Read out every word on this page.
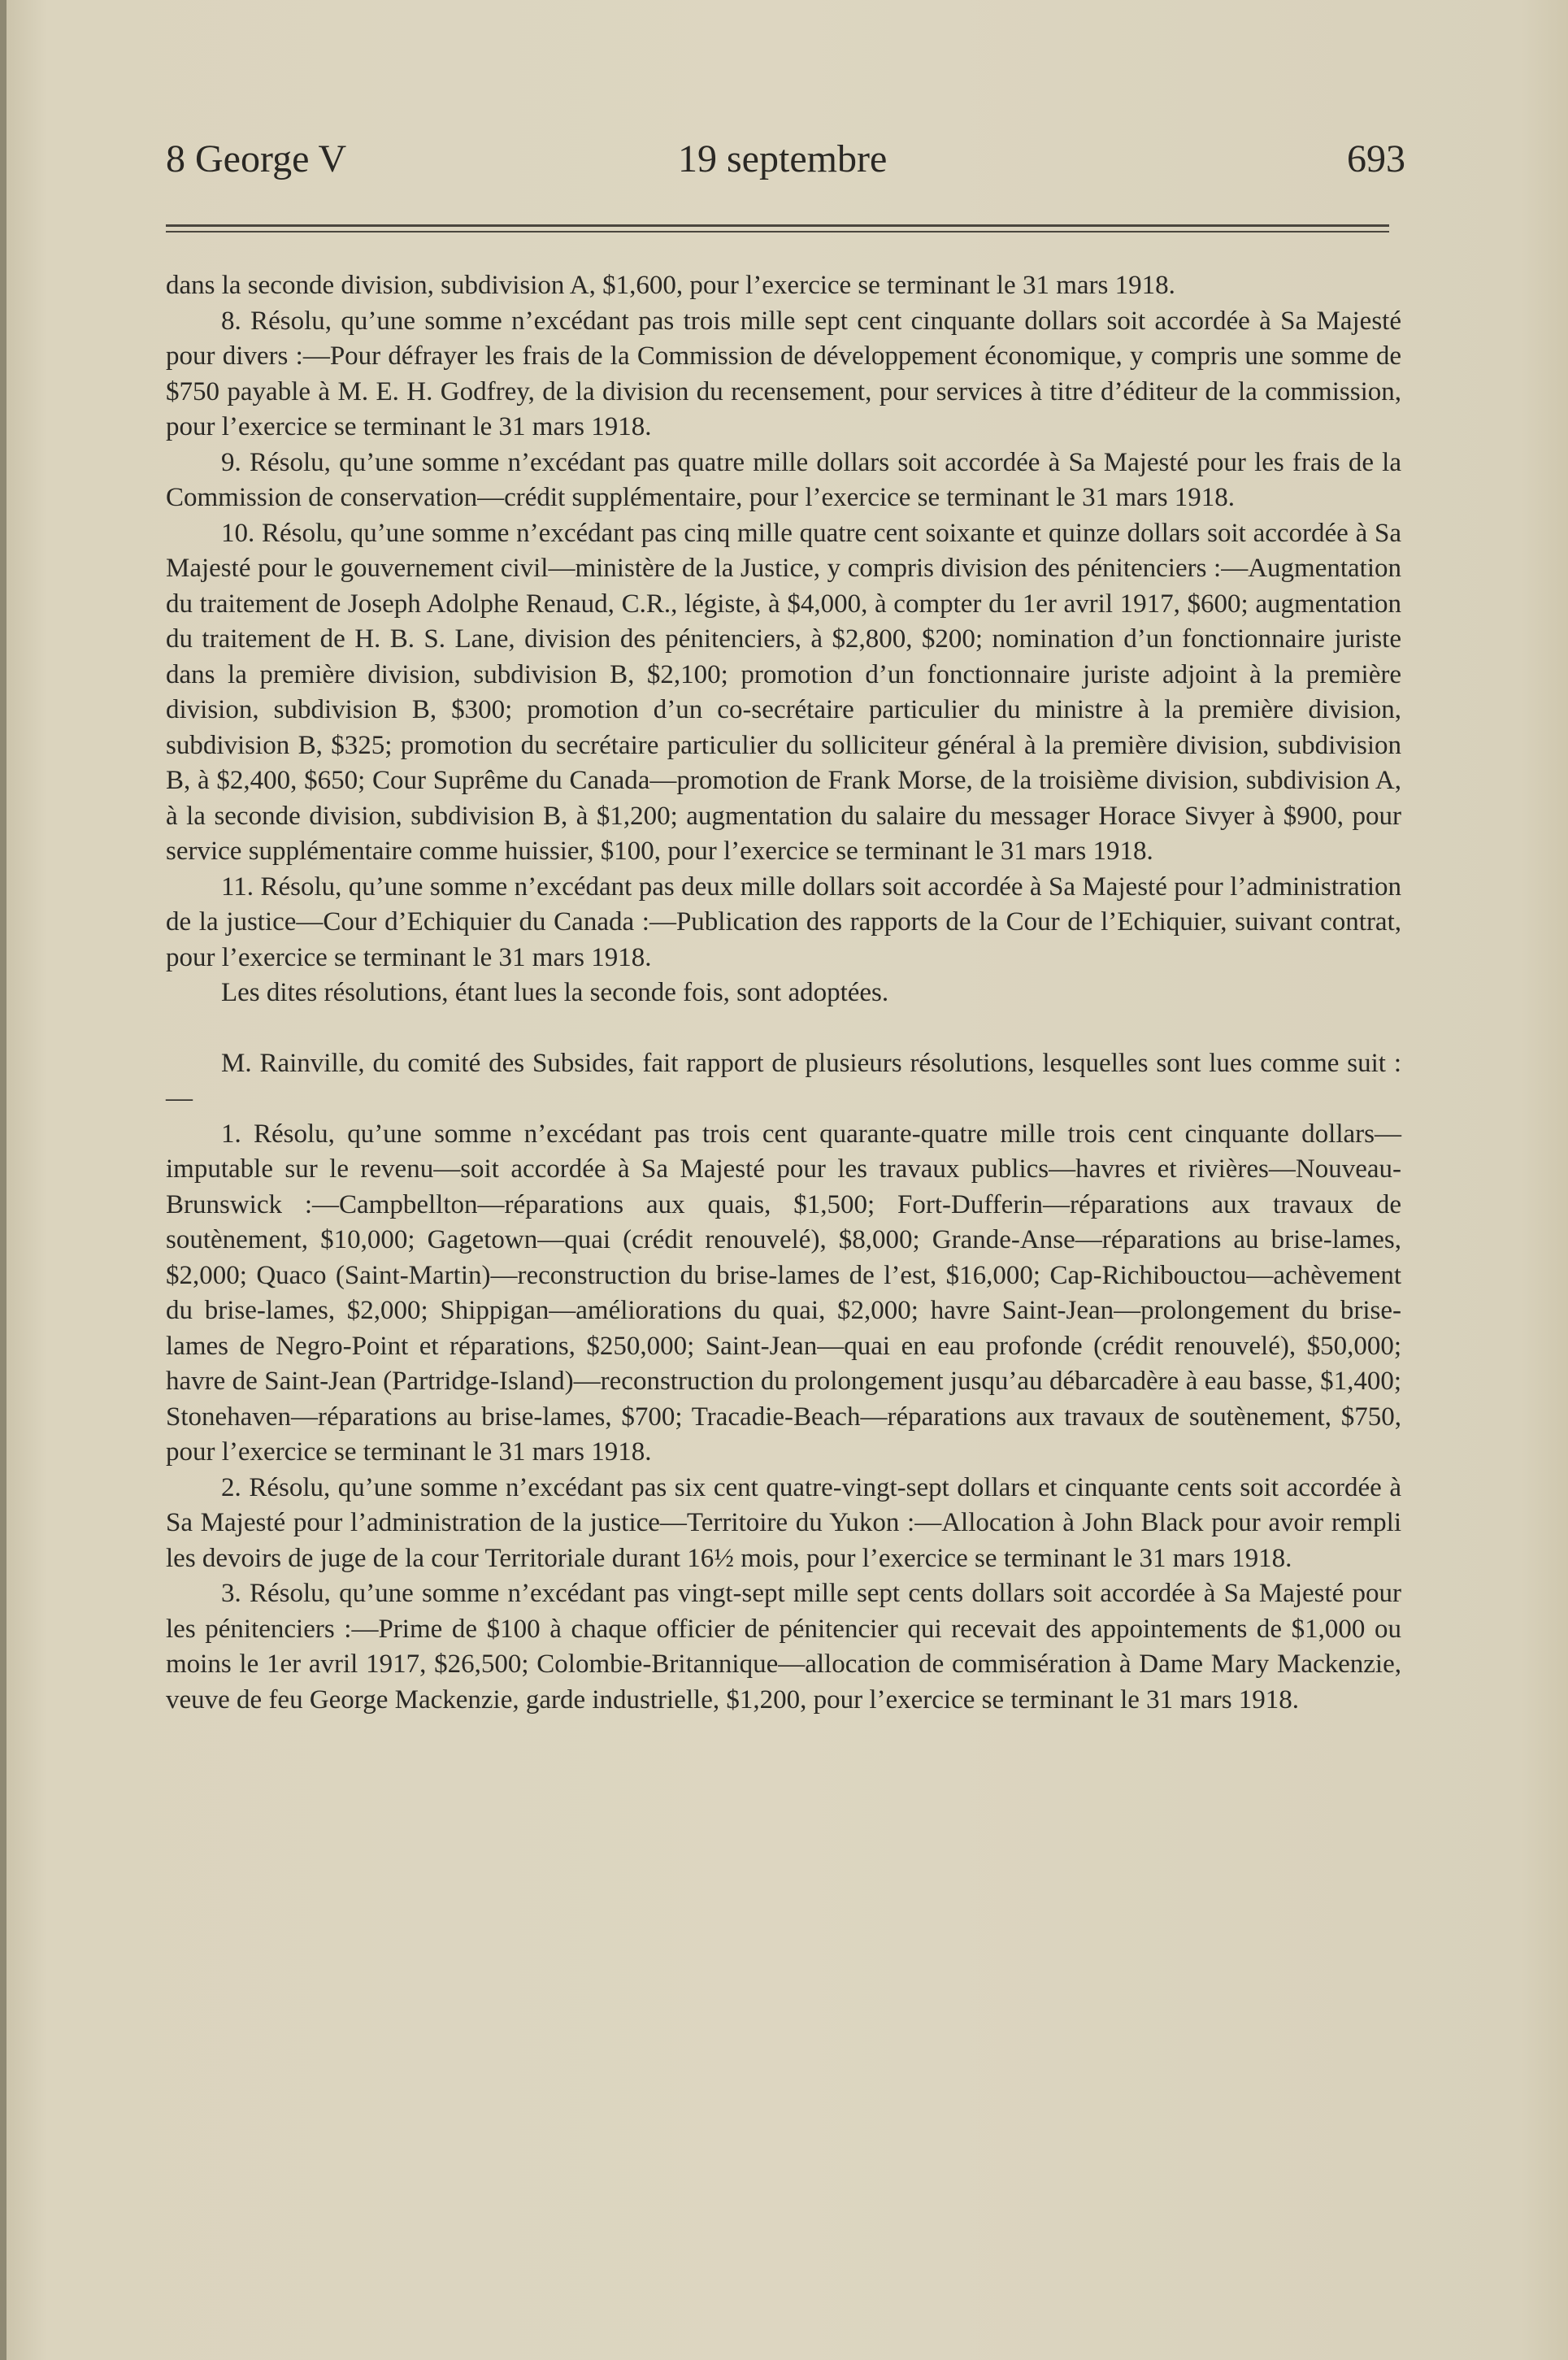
8 George V	19 septembre	693

dans la seconde division, subdivision A, $1,600, pour l’exercice se terminant le 31 mars 1918.

8. Résolu, qu’une somme n’excédant pas trois mille sept cent cinquante dollars soit accordée à Sa Majesté pour divers :—Pour défrayer les frais de la Commission de développement économique, y compris une somme de $750 payable à M. E. H. Godfrey, de la division du recensement, pour services à titre d’éditeur de la commission, pour l’exercice se terminant le 31 mars 1918.

9. Résolu, qu’une somme n’excédant pas quatre mille dollars soit accordée à Sa Majesté pour les frais de la Commission de conservation—crédit supplémentaire, pour l’exercice se terminant le 31 mars 1918.

10. Résolu, qu’une somme n’excédant pas cinq mille quatre cent soixante et quinze dollars soit accordée à Sa Majesté pour le gouvernement civil—ministère de la Justice, y compris division des pénitenciers :—Augmentation du traitement de Joseph Adolphe Renaud, C.R., légiste, à $4,000, à compter du 1er avril 1917, $600; augmentation du traitement de H. B. S. Lane, division des pénitenciers, à $2,800, $200; nomination d’un fonctionnaire juriste dans la première division, subdivision B, $2,100; promotion d’un fonctionnaire juriste adjoint à la première division, subdivision B, $300; promotion d’un co-secrétaire particulier du ministre à la première division, subdivision B, $325; promotion du secrétaire particulier du solliciteur général à la première division, subdivision B, à $2,400, $650; Cour Suprême du Canada—promotion de Frank Morse, de la troisième division, subdivision A, à la seconde division, subdivision B, à $1,200; augmentation du salaire du messager Horace Sivyer à $900, pour service supplémentaire comme huissier, $100, pour l’exercice se terminant le 31 mars 1918.

11. Résolu, qu’une somme n’excédant pas deux mille dollars soit accordée à Sa Majesté pour l’administration de la justice—Cour d’Echiquier du Canada :—Publication des rapports de la Cour de l’Echiquier, suivant contrat, pour l’exercice se terminant le 31 mars 1918.

Les dites résolutions, étant lues la seconde fois, sont adoptées.

M. Rainville, du comité des Subsides, fait rapport de plusieurs résolutions, lesquelles sont lues comme suit :—

1. Résolu, qu’une somme n’excédant pas trois cent quarante-quatre mille trois cent cinquante dollars—imputable sur le revenu—soit accordée à Sa Majesté pour les travaux publics—havres et rivières—Nouveau-Brunswick :—Campbellton—réparations aux quais, $1,500; Fort-Dufferin—réparations aux travaux de soutènement, $10,000; Gagetown—quai (crédit renouvelé), $8,000; Grande-Anse—réparations au brise-lames, $2,000; Quaco (Saint-Martin)—reconstruction du brise-lames de l’est, $16,000; Cap-Richibouctou—achèvement du brise-lames, $2,000; Shippigan—améliorations du quai, $2,000; havre Saint-Jean—prolongement du brise-lames de Negro-Point et réparations, $250,000; Saint-Jean—quai en eau profonde (crédit renouvelé), $50,000; havre de Saint-Jean (Partridge-Island)—reconstruction du prolongement jusqu’au débarcadère à eau basse, $1,400; Stonehaven—réparations au brise-lames, $700; Tracadie-Beach—réparations aux travaux de soutènement, $750, pour l’exercice se terminant le 31 mars 1918.

2. Résolu, qu’une somme n’excédant pas six cent quatre-vingt-sept dollars et cinquante cents soit accordée à Sa Majesté pour l’administration de la justice—Territoire du Yukon :—Allocation à John Black pour avoir rempli les devoirs de juge de la cour Territoriale durant 16½ mois, pour l’exercice se terminant le 31 mars 1918.

3. Résolu, qu’une somme n’excédant pas vingt-sept mille sept cents dollars soit accordée à Sa Majesté pour les pénitenciers :—Prime de $100 à chaque officier de pénitencier qui recevait des appointements de $1,000 ou moins le 1er avril 1917, $26,500; Colombie-Britannique—allocation de commisération à Dame Mary Mackenzie, veuve de feu George Mackenzie, garde industrielle, $1,200, pour l’exercice se terminant le 31 mars 1918.
